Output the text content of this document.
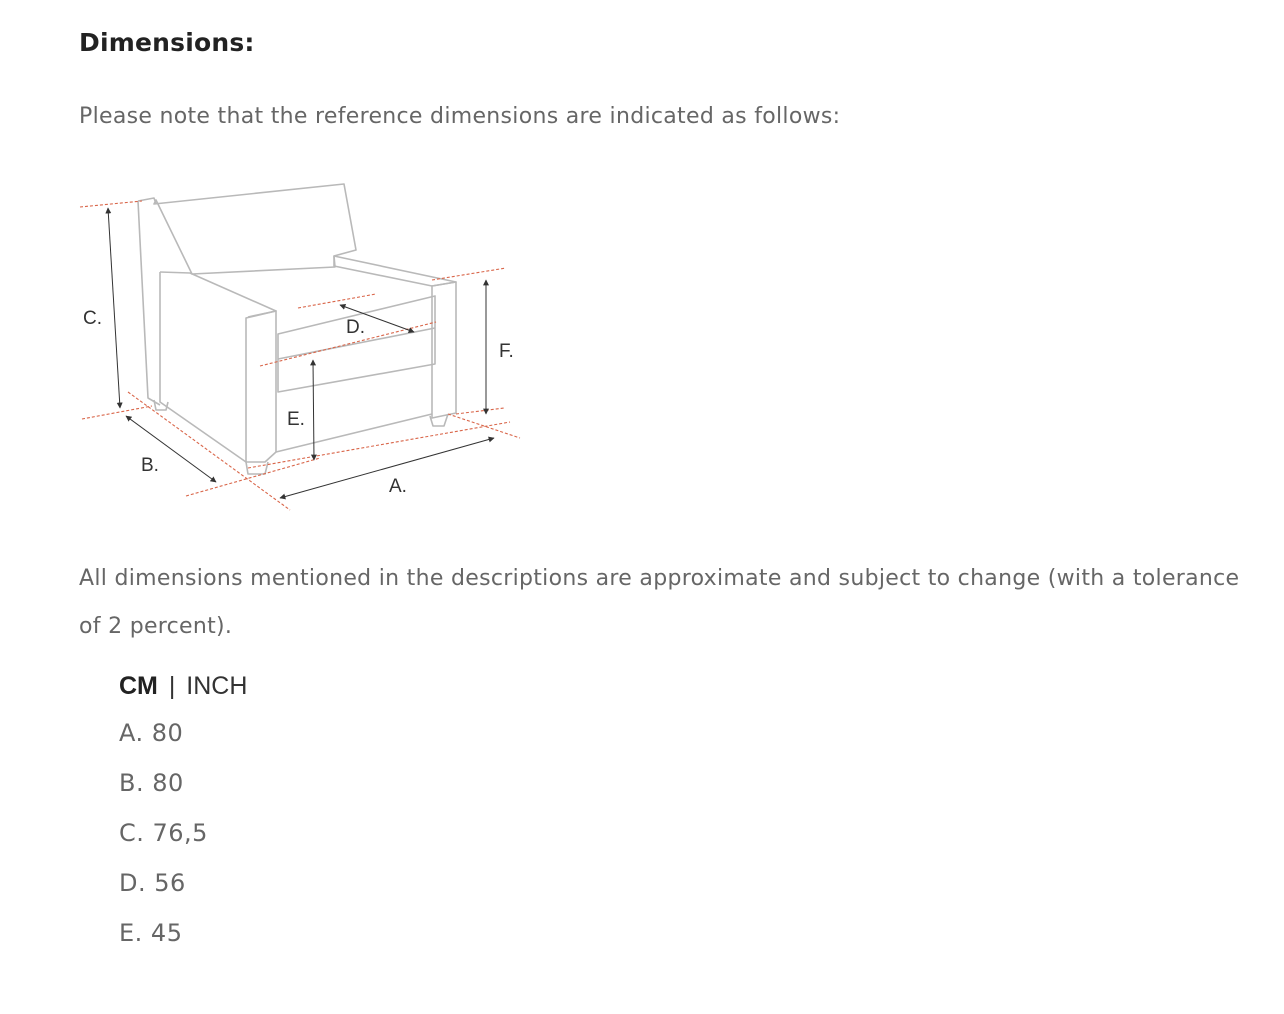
Dimensions:

Please note that the reference dimensions are indicated as follows:

C.	D.
F.
E.
B.
A.

All dimensions mentioned in the descriptions are approximate and subject to change (with a tolerance of 2 percent).

CM | INCH
A. 80
B. 80
C. 76,5
D. 56
E. 45
